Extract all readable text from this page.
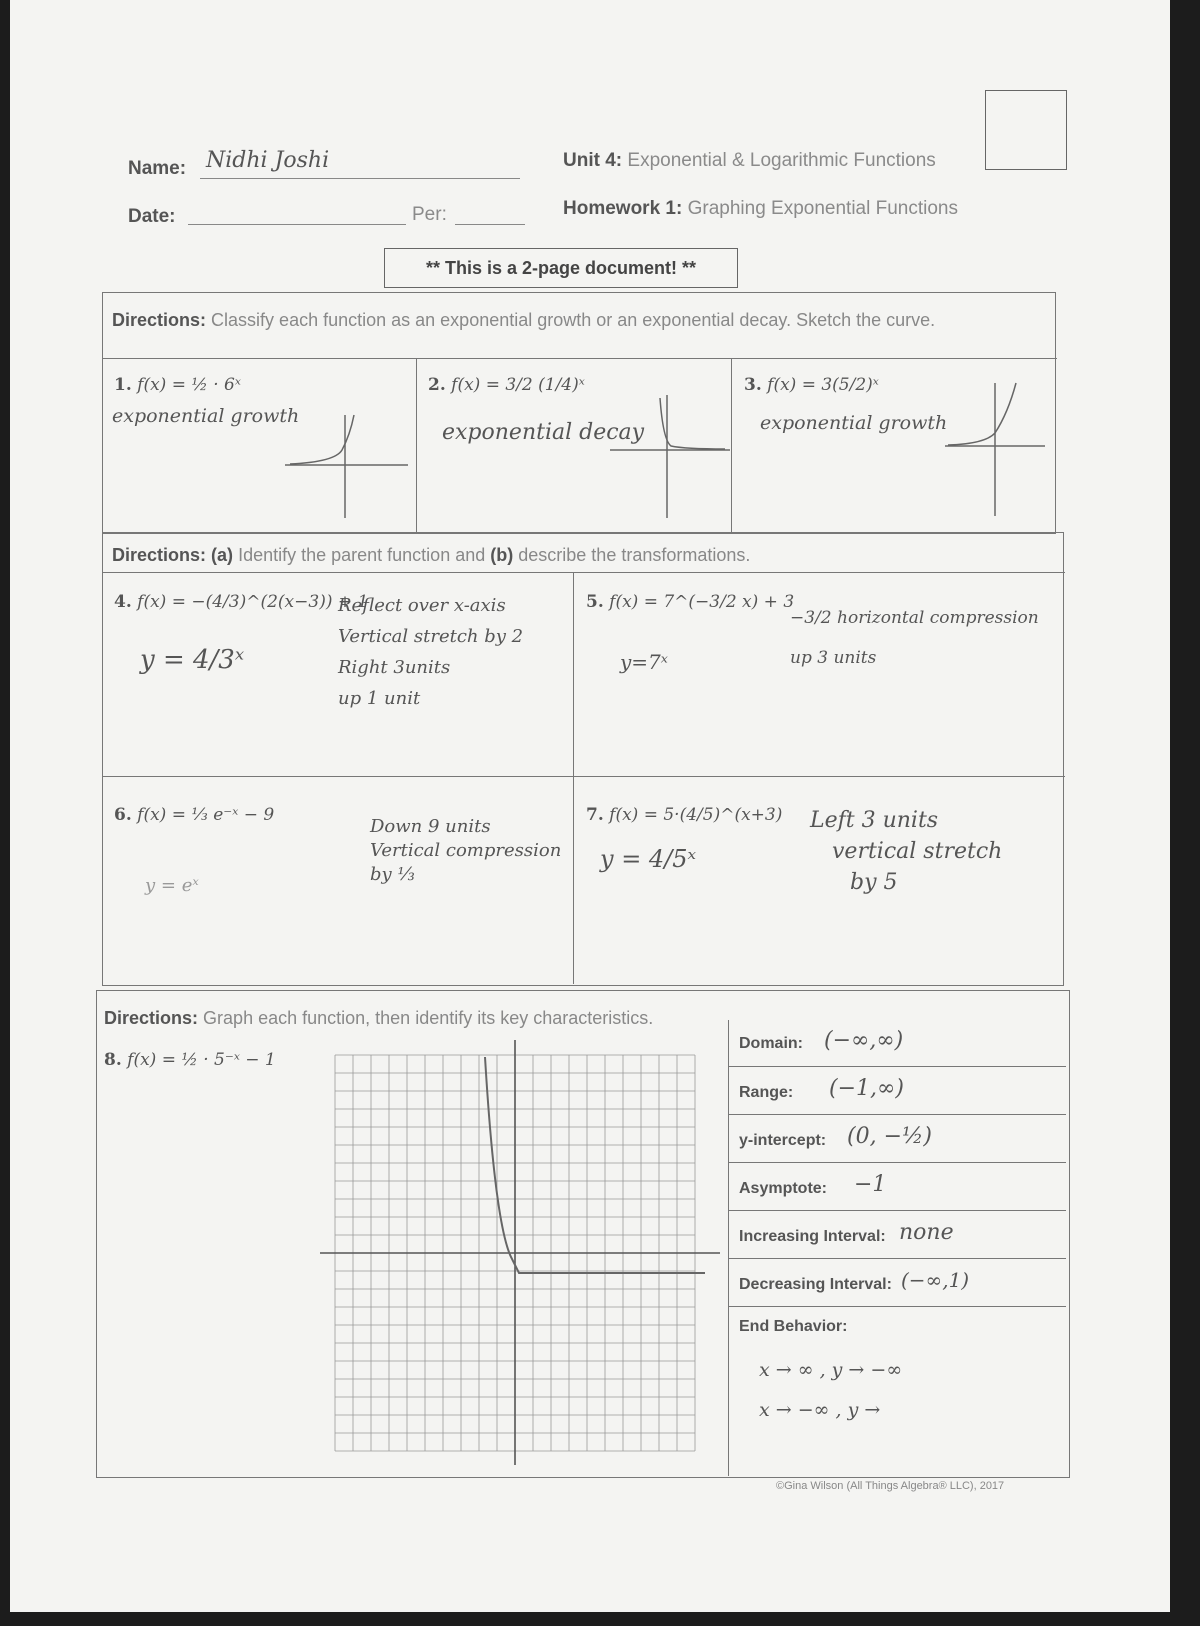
Name: Nidhi Joshi
Date:	Per:
Unit 4: Exponential & Logarithmic Functions
Homework 1: Graphing Exponential Functions
** This is a 2-page document! **
Directions: Classify each function as an exponential growth or an exponential decay. Sketch the curve.
1. f(x) = ½ · 6ˣ
exponential growth
2. f(x) = 3/2 (1/4)ˣ
exponential decay
3. f(x) = 3(5/2)ˣ
exponential growth
Directions: (a) Identify the parent function and (b) describe the transformations.
4. f(x) = −(4/3)^(2(x−3)) + 1
y = 4/3ˣ
Reflect over x-axis
Vertical stretch by 2
Right 3units
up 1 unit
5. f(x) = 7^(−3/2 x) + 3
y=7ˣ
−3/2 horizontal compression
up 3 units
6. f(x) = ⅓ e⁻ˣ − 9
y = eˣ
Down 9 units
Vertical compression
by ⅓
7. f(x) = 5·(4/5)^(x+3)
y = 4/5ˣ
Left 3 units
vertical stretch
by 5
Directions: Graph each function, then identify its key characteristics.
8. f(x) = ½ · 5⁻ˣ − 1
Domain: (−∞,∞)
Range: (−1,∞)
y-intercept: (0, −½)
Asymptote: −1
Increasing Interval: none
Decreasing Interval: (−∞,1)
End Behavior:
x → ∞ , y → −∞
x → −∞ , y →
©Gina Wilson (All Things Algebra® LLC), 2017
